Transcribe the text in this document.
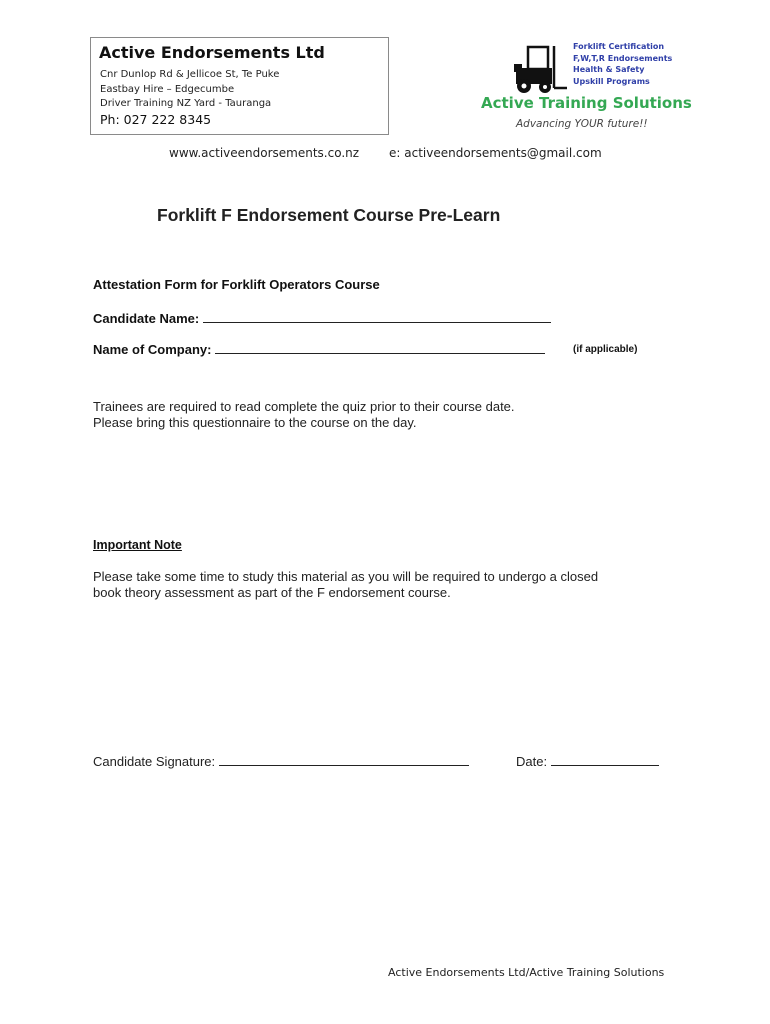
Active Endorsements Ltd
Cnr Dunlop Rd & Jellicoe St, Te Puke
Eastbay Hire – Edgecumbe
Driver Training NZ Yard - Tauranga
Ph: 027 222 8345
Forklift Certification
F,W,T,R Endorsements
Health & Safety
Upskill Programs
Active Training Solutions
Advancing YOUR future!!
www.activeendorsements.co.nz e: activeendorsements@gmail.com
Forklift F Endorsement Course Pre-Learn
Attestation Form for Forklift Operators Course
Candidate Name:
Name of Company:	(if applicable)
Trainees are required to read complete the quiz prior to their course date.
Please bring this questionnaire to the course on the day.
Important Note
Please take some time to study this material as you will be required to undergo a closed
book theory assessment as part of the F endorsement course.
Candidate Signature:	Date:
Active Endorsements Ltd/Active Training Solutions
